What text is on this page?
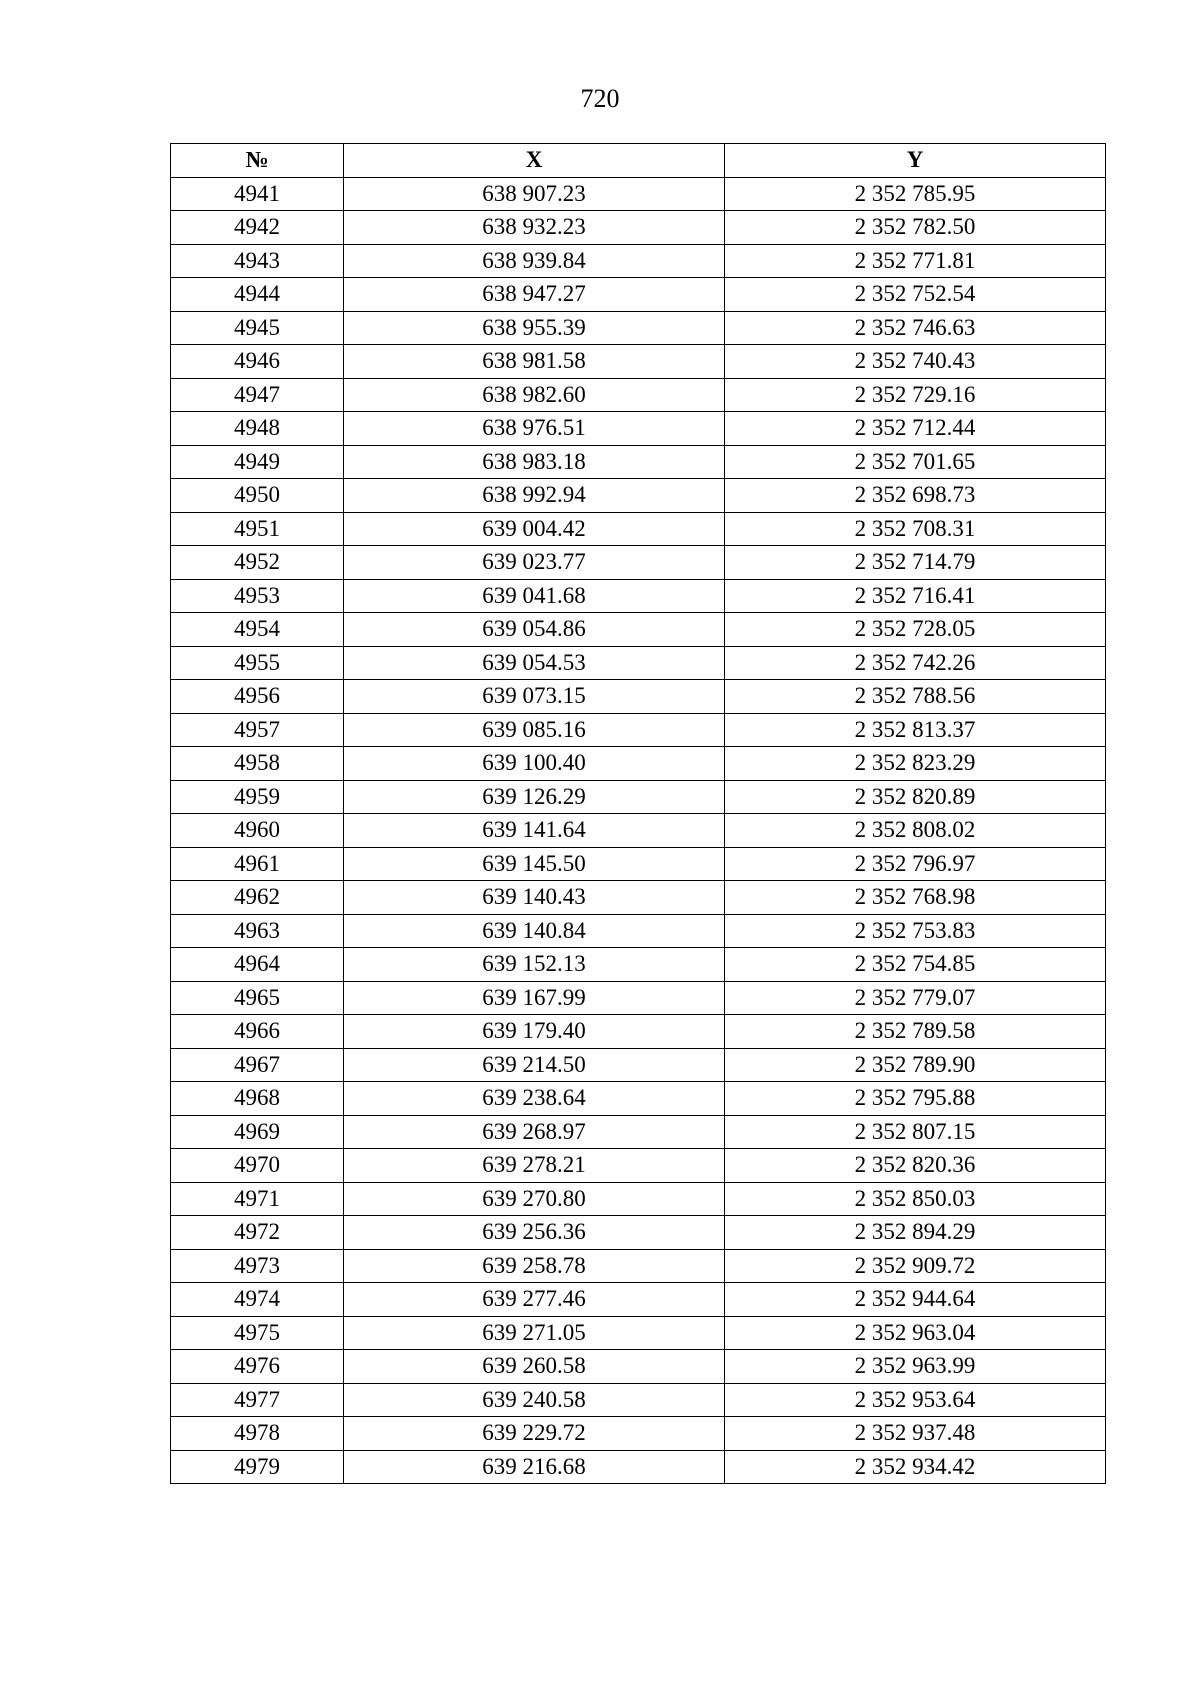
720
№	X	Y
4941	638 907.23	2 352 785.95
4942	638 932.23	2 352 782.50
4943	638 939.84	2 352 771.81
4944	638 947.27	2 352 752.54
4945	638 955.39	2 352 746.63
4946	638 981.58	2 352 740.43
4947	638 982.60	2 352 729.16
4948	638 976.51	2 352 712.44
4949	638 983.18	2 352 701.65
4950	638 992.94	2 352 698.73
4951	639 004.42	2 352 708.31
4952	639 023.77	2 352 714.79
4953	639 041.68	2 352 716.41
4954	639 054.86	2 352 728.05
4955	639 054.53	2 352 742.26
4956	639 073.15	2 352 788.56
4957	639 085.16	2 352 813.37
4958	639 100.40	2 352 823.29
4959	639 126.29	2 352 820.89
4960	639 141.64	2 352 808.02
4961	639 145.50	2 352 796.97
4962	639 140.43	2 352 768.98
4963	639 140.84	2 352 753.83
4964	639 152.13	2 352 754.85
4965	639 167.99	2 352 779.07
4966	639 179.40	2 352 789.58
4967	639 214.50	2 352 789.90
4968	639 238.64	2 352 795.88
4969	639 268.97	2 352 807.15
4970	639 278.21	2 352 820.36
4971	639 270.80	2 352 850.03
4972	639 256.36	2 352 894.29
4973	639 258.78	2 352 909.72
4974	639 277.46	2 352 944.64
4975	639 271.05	2 352 963.04
4976	639 260.58	2 352 963.99
4977	639 240.58	2 352 953.64
4978	639 229.72	2 352 937.48
4979	639 216.68	2 352 934.42
